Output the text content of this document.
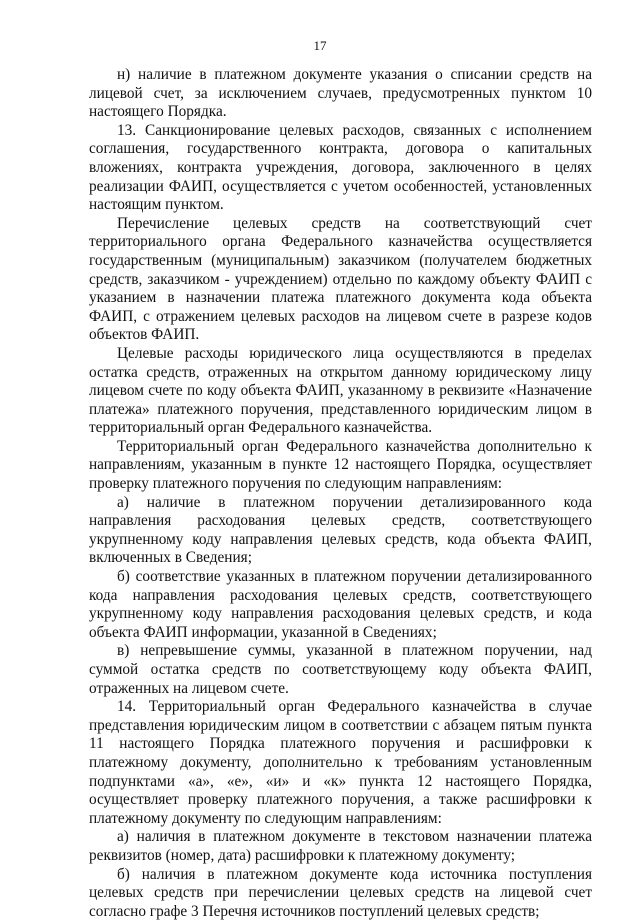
17

н) наличие в платежном документе указания о списании средств на лицевой счет, за исключением случаев, предусмотренных пунктом 10 настоящего Порядка.

13. Санкционирование целевых расходов, связанных с исполнением соглашения, государственного контракта, договора о капитальных вложениях, контракта учреждения, договора, заключенного в целях реализации ФАИП, осуществляется с учетом особенностей, установленных настоящим пунктом.

Перечисление целевых средств на соответствующий счет территориального органа Федерального казначейства осуществляется государственным (муниципальным) заказчиком (получателем бюджетных средств, заказчиком - учреждением) отдельно по каждому объекту ФАИП с указанием в назначении платежа платежного документа кода объекта ФАИП, с отражением целевых расходов на лицевом счете в разрезе кодов объектов ФАИП.

Целевые расходы юридического лица осуществляются в пределах остатка средств, отраженных на открытом данному юридическому лицу лицевом счете по коду объекта ФАИП, указанному в реквизите «Назначение платежа» платежного поручения, представленного юридическим лицом в территориальный орган Федерального казначейства.

Территориальный орган Федерального казначейства дополнительно к направлениям, указанным в пункте 12 настоящего Порядка, осуществляет проверку платежного поручения по следующим направлениям:

а) наличие в платежном поручении детализированного кода направления расходования целевых средств, соответствующего укрупненному коду направления целевых средств, кода объекта ФАИП, включенных в Сведения;

б) соответствие указанных в платежном поручении детализированного кода направления расходования целевых средств, соответствующего укрупненному коду направления расходования целевых средств, и кода объекта ФАИП информации, указанной в Сведениях;

в) непревышение суммы, указанной в платежном поручении, над суммой остатка средств по соответствующему коду объекта ФАИП, отраженных на лицевом счете.

14. Территориальный орган Федерального казначейства в случае представления юридическим лицом в соответствии с абзацем пятым пункта 11 настоящего Порядка платежного поручения и расшифровки к платежному документу, дополнительно к требованиям установленным подпунктами «а», «е», «и» и «к» пункта 12 настоящего Порядка, осуществляет проверку платежного поручения, а также расшифровки к платежному документу по следующим направлениям:

а) наличия в платежном документе в текстовом назначении платежа реквизитов (номер, дата) расшифровки к платежному документу;

б) наличия в платежном документе кода источника поступления целевых средств при перечислении целевых средств на лицевой счет согласно графе 3 Перечня источников поступлений целевых средств;
